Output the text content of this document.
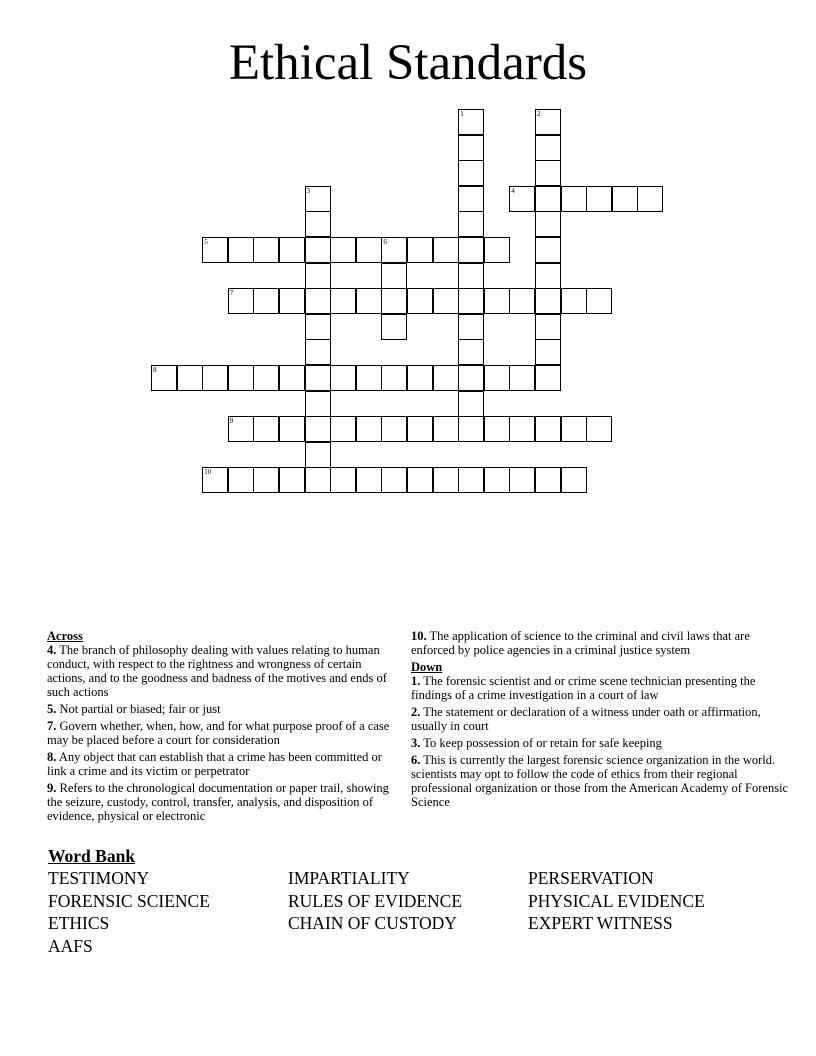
Ethical Standards
1	2
3	4
5	6
7
8
9
10
Across
4. The branch of philosophy dealing with values relating to human conduct, with respect to the rightness and wrongness of certain actions, and to the goodness and badness of the motives and ends of such actions
5. Not partial or biased; fair or just
7. Govern whether, when, how, and for what purpose proof of a case may be placed before a court for consideration
8. Any object that can establish that a crime has been committed or link a crime and its victim or perpetrator
9. Refers to the chronological documentation or paper trail, showing the seizure, custody, control, transfer, analysis, and disposition of evidence, physical or electronic
10. The application of science to the criminal and civil laws that are enforced by police agencies in a criminal justice system
Down
1. The forensic scientist and or crime scene technician presenting the findings of a crime investigation in a court of law
2. The statement or declaration of a witness under oath or affirmation, usually in court
3. To keep possession of or retain for safe keeping
6. This is currently the largest forensic science organization in the world. scientists may opt to follow the code of ethics from their regional professional organization or those from the American Academy of Forensic Science
Word Bank
TESTIMONY	IMPARTIALITY	PERSERVATION
FORENSIC SCIENCE	RULES OF EVIDENCE	PHYSICAL EVIDENCE
ETHICS	CHAIN OF CUSTODY	EXPERT WITNESS
AAFS
